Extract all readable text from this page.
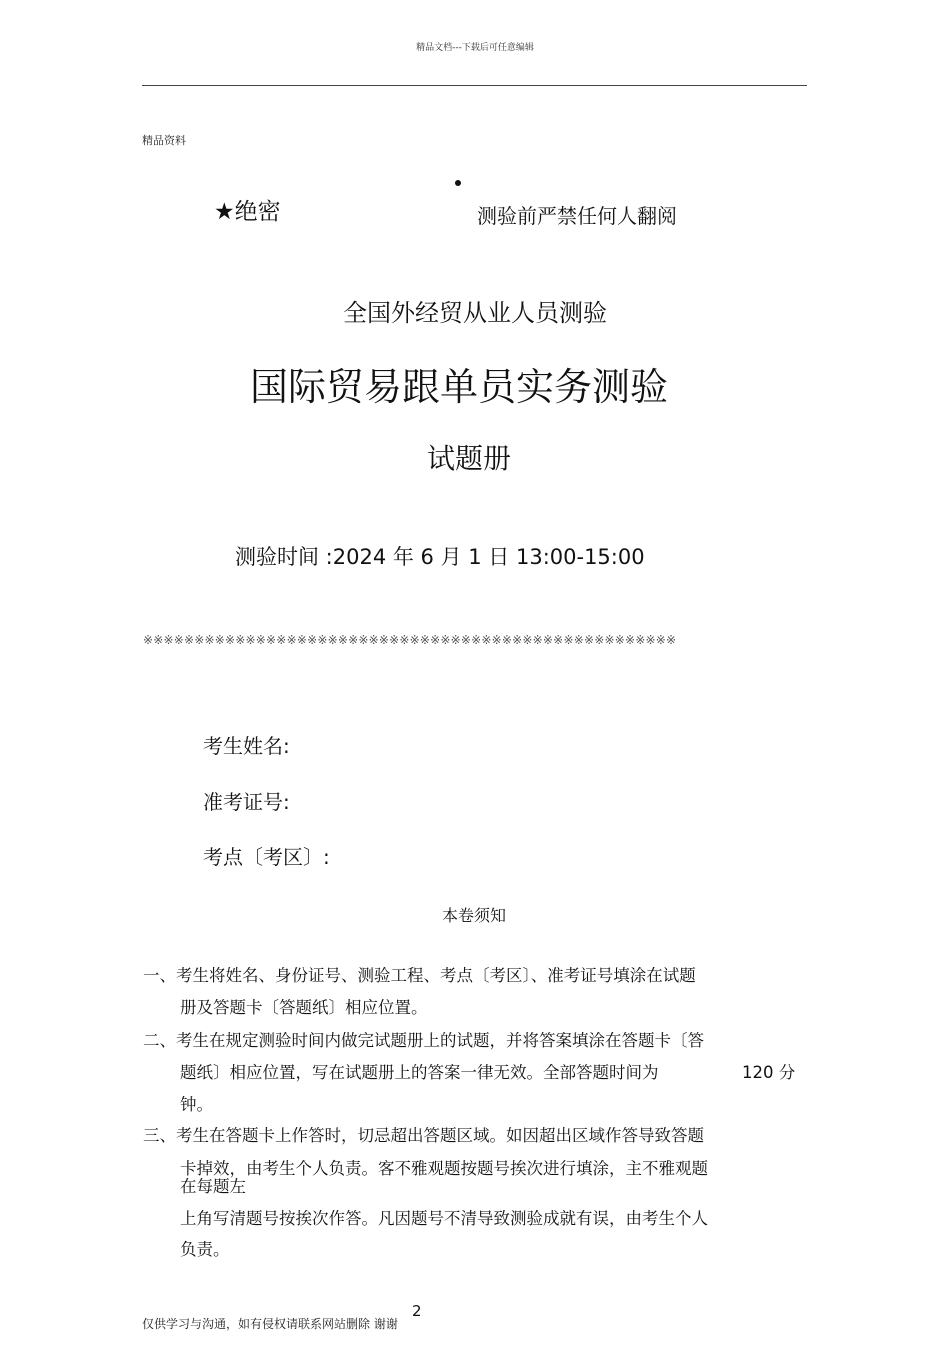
精品文档---下载后可任意编辑
精品资料
★绝密	测验前严禁任何人翻阅
全国外经贸从业人员测验
国际贸易跟单员实务测验
试题册
测验时间 :2024 年 6 月 1 日 13:00-15:00
※※※※※※※※※※※※※※※※※※※※※※※※※※※※※※※※※※※※※※※※※※※※※※※※※※※※
考生姓名:
准考证号:
考点〔考区〕:
本卷须知
一、考生将姓名、身份证号、测验工程、考点〔考区〕、准考证号填涂在试题
册及答题卡〔答题纸〕相应位置。
二、考生在规定测验时间内做完试题册上的试题，并将答案填涂在答题卡〔答
题纸〕相应位置，写在试题册上的答案一律无效。全部答题时间为	120 分
钟。
三、考生在答题卡上作答时，切忌超出答题区域。如因超出区域作答导致答题
卡掉效，由考生个人负责。客不雅观题按题号挨次进行填涂，主不雅观题
在每题左
上角写清题号按挨次作答。凡因题号不清导致测验成就有误，由考生个人
负责。
仅供学习与沟通，如有侵权请联系网站删除 谢谢
2
